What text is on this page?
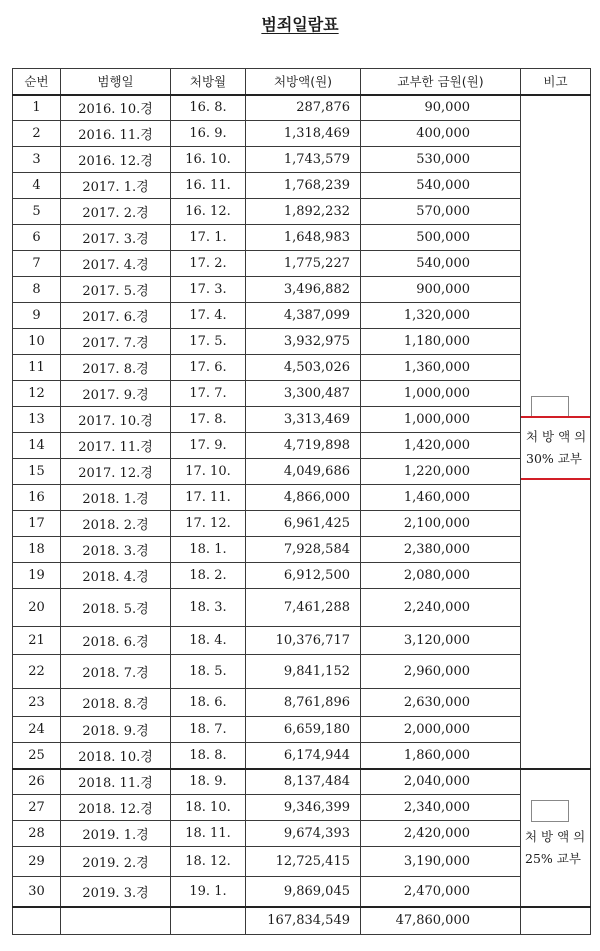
범죄일람표
순번	범행일	처방월	처방액(원)	교부한 금원(원)	비고
1	2016. 10.경	16. 8.	287,876	90,000	처 방 액 의
30% 교부

2	2016. 11.경	16. 9.	1,318,469	400,000	
3	2016. 12.경	16. 10.	1,743,579	530,000	
4	2017. 1.경	16. 11.	1,768,239	540,000	
5	2017. 2.경	16. 12.	1,892,232	570,000	
6	2017. 3.경	17. 1.	1,648,983	500,000	
7	2017. 4.경	17. 2.	1,775,227	540,000	
8	2017. 5.경	17. 3.	3,496,882	900,000	
9	2017. 6.경	17. 4.	4,387,099	1,320,000	
10	2017. 7.경	17. 5.	3,932,975	1,180,000	
11	2017. 8.경	17. 6.	4,503,026	1,360,000	
12	2017. 9.경	17. 7.	3,300,487	1,000,000	
13	2017. 10.경	17. 8.	3,313,469	1,000,000	
14	2017. 11.경	17. 9.	4,719,898	1,420,000	
15	2017. 12.경	17. 10.	4,049,686	1,220,000	
16	2018. 1.경	17. 11.	4,866,000	1,460,000	
17	2018. 2.경	17. 12.	6,961,425	2,100,000	
18	2018. 3.경	18. 1.	7,928,584	2,380,000	
19	2018. 4.경	18. 2.	6,912,500	2,080,000	
20	2018. 5.경	18. 3.	7,461,288	2,240,000	
21	2018. 6.경	18. 4.	10,376,717	3,120,000	
22	2018. 7.경	18. 5.	9,841,152	2,960,000	
23	2018. 8.경	18. 6.	8,761,896	2,630,000	
24	2018. 9.경	18. 7.	6,659,180	2,000,000	
25	2018. 10.경	18. 8.	6,174,944	1,860,000	
26	2018. 11.경	18. 9.	8,137,484	2,040,000	처 방 액 의
25% 교부

27	2018. 12.경	18. 10.	9,346,399	2,340,000	
28	2019. 1.경	18. 11.	9,674,393	2,420,000	
29	2019. 2.경	18. 12.	12,725,415	3,190,000	
30	2019. 3.경	19. 1.	9,869,045	2,470,000	
			167,834,549	47,860,000	
